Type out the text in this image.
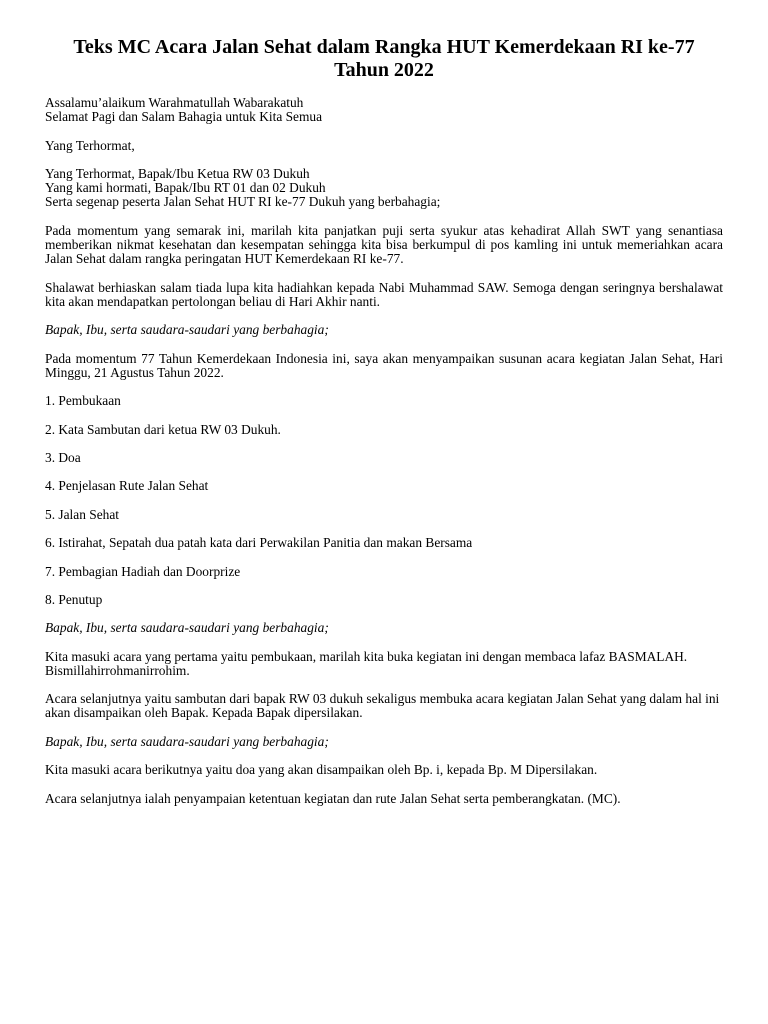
Teks MC Acara Jalan Sehat dalam Rangka HUT Kemerdekaan RI ke-77 Tahun 2022
Assalamu’alaikum Warahmatullah Wabarakatuh
Selamat Pagi dan Salam Bahagia untuk Kita Semua
Yang Terhormat,
Yang Terhormat, Bapak/Ibu Ketua RW 03 Dukuh
Yang kami hormati, Bapak/Ibu RT 01 dan 02 Dukuh
Serta segenap peserta Jalan Sehat HUT RI ke-77 Dukuh yang berbahagia;
Pada momentum yang semarak ini, marilah kita panjatkan puji serta syukur atas kehadirat Allah SWT yang senantiasa memberikan nikmat kesehatan dan kesempatan sehingga kita bisa berkumpul di pos kamling ini untuk memeriahkan acara Jalan Sehat dalam rangka peringatan HUT Kemerdekaan RI ke-77.
Shalawat berhiaskan salam tiada lupa kita hadiahkan kepada Nabi Muhammad SAW. Semoga dengan seringnya bershalawat kita akan mendapatkan pertolongan beliau di Hari Akhir nanti.
Bapak, Ibu, serta saudara-saudari yang berbahagia;
Pada momentum 77 Tahun Kemerdekaan Indonesia ini, saya akan menyampaikan susunan acara kegiatan Jalan Sehat, Hari Minggu, 21 Agustus Tahun 2022.
1. Pembukaan
2. Kata Sambutan dari ketua RW 03 Dukuh.
3. Doa
4. Penjelasan Rute Jalan Sehat
5. Jalan Sehat
6. Istirahat, Sepatah dua patah kata dari Perwakilan Panitia dan makan Bersama
7. Pembagian Hadiah dan Doorprize
8. Penutup
Bapak, Ibu, serta saudara-saudari yang berbahagia;
Kita masuki acara yang pertama yaitu pembukaan, marilah kita buka kegiatan ini dengan membaca lafaz BASMALAH. Bismillahirrohmanirrohim.
Acara selanjutnya yaitu sambutan dari bapak RW 03 dukuh sekaligus membuka acara kegiatan Jalan Sehat yang dalam hal ini akan disampaikan oleh Bapak. Kepada Bapak dipersilakan.
Bapak, Ibu, serta saudara-saudari yang berbahagia;
Kita masuki acara berikutnya yaitu doa yang akan disampaikan oleh Bp. i, kepada Bp. M Dipersilakan.
Acara selanjutnya ialah penyampaian ketentuan kegiatan dan rute Jalan Sehat serta pemberangkatan. (MC).
